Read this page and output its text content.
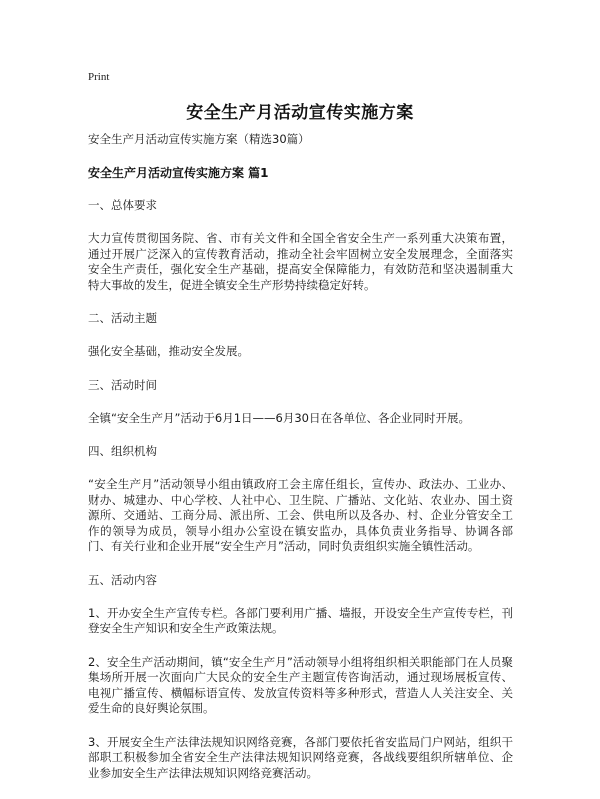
Print
安全生产月活动宣传实施方案

安全生产月活动宣传实施方案（精选30篇）

安全生产月活动宣传实施方案 篇1

一、总体要求

大力宣传贯彻国务院、省、市有关文件和全国全省安全生产一系列重大决策布置，通过开展广泛深入的宣传教育活动，推动全社会牢固树立安全发展理念，全面落实安全生产责任，强化安全生产基础，提高安全保障能力，有效防范和坚决遏制重大特大事故的发生，促进全镇安全生产形势持续稳定好转。

二、活动主题

强化安全基础，推动安全发展。

三、活动时间

全镇“安全生产月”活动于6月1日——6月30日在各单位、各企业同时开展。

四、组织机构

“安全生产月”活动领导小组由镇政府工会主席任组长，宣传办、政法办、工业办、财办、城建办、中心学校、人社中心、卫生院、广播站、文化站、农业办、国土资源所、交通站、工商分局、派出所、工会、供电所以及各办、村、企业分管安全工作的领导为成员，领导小组办公室设在镇安监办，具体负责业务指导、协调各部门、有关行业和企业开展“安全生产月”活动，同时负责组织实施全镇性活动。

五、活动内容

1、开办安全生产宣传专栏。各部门要利用广播、墙报，开设安全生产宣传专栏，刊登安全生产知识和安全生产政策法规。

2、安全生产活动期间，镇“安全生产月”活动领导小组将组织相关职能部门在人员聚集场所开展一次面向广大民众的安全生产主题宣传咨询活动，通过现场展板宣传、电视广播宣传、横幅标语宣传、发放宣传资料等多种形式，营造人人关注安全、关爱生命的良好舆论氛围。

3、开展安全生产法律法规知识网络竞赛，各部门要依托省安监局门户网站，组织干部职工积极参加全省安全生产法律法规知识网络竞赛，各战线要组织所辖单位、企业参加安全生产法律法规知识网络竞赛活动。
